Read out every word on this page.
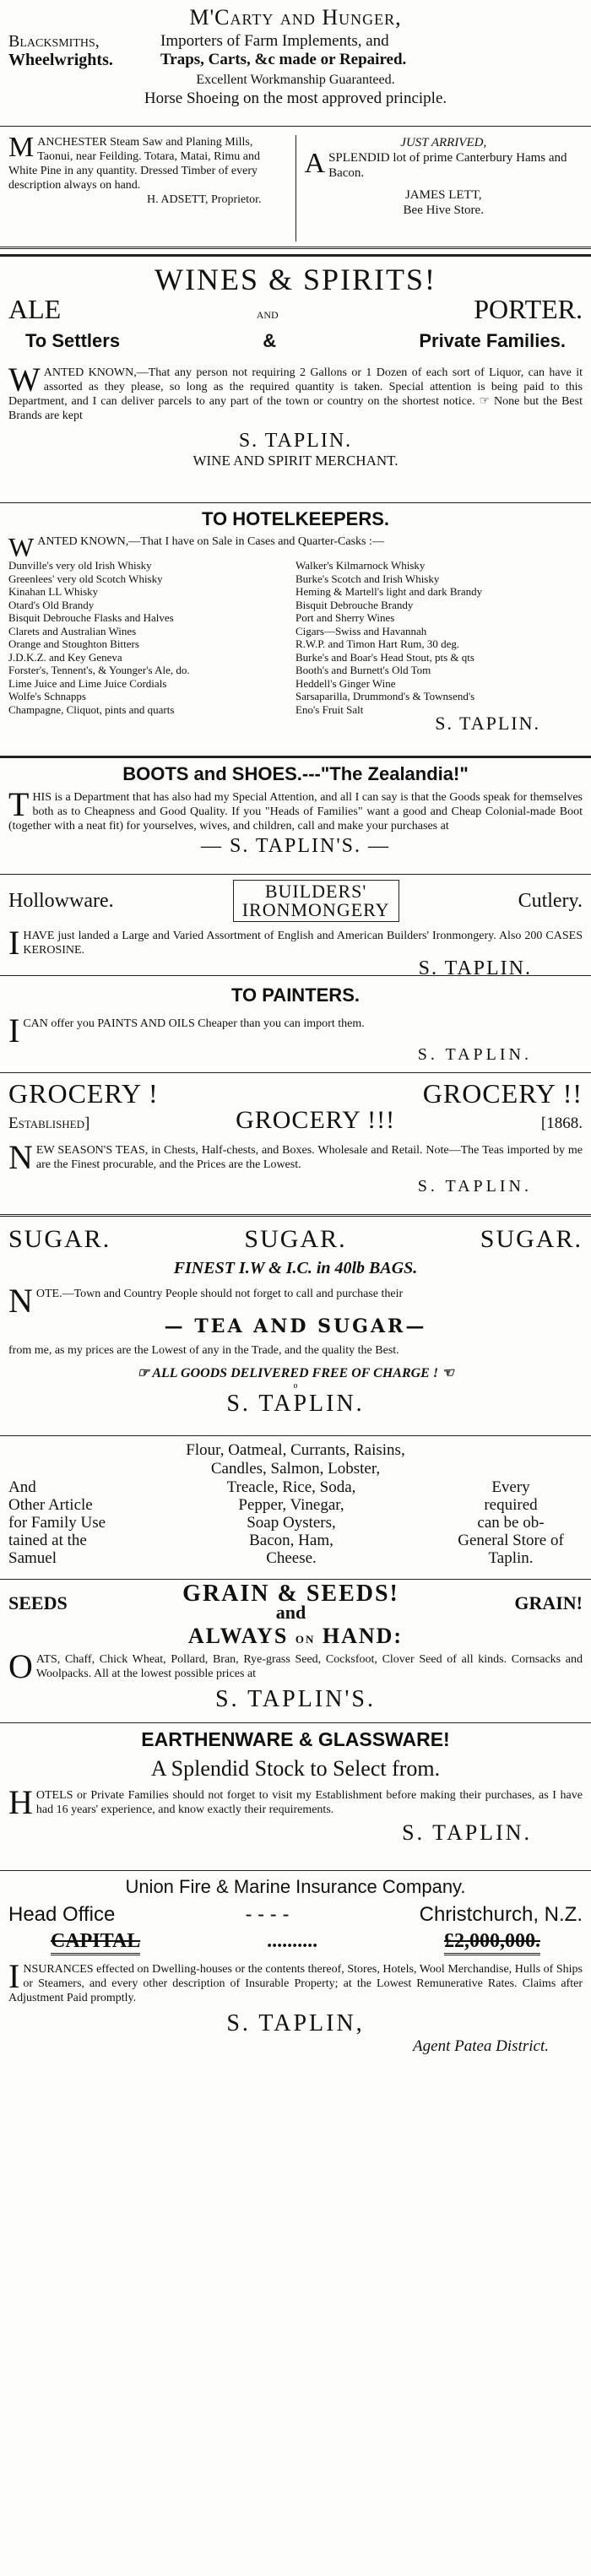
M'Carty and Hunger,
Blacksmiths,
Wheelwrights.
Importers of Farm Implements, and
Traps, Carts, &c made or Repaired.
Excellent Workmanship Guaranteed.
Horse Shoeing on the most approved principle.
M ANCHESTER Steam Saw and Planing Mills, Taonui, near Feilding. Totara, Matai, Rimu and White Pine in any quantity. Dressed Timber of every description always on hand.
H. ADSETT, Proprietor.
JUST ARRIVED,
A SPLENDID lot of prime Canterbury Hams and Bacon.
JAMES LETT,
Bee Hive Store.
WINES & SPIRITS!
ALE	AND	PORTER.
To Settlers	&	Private Families.
W ANTED KNOWN,—That any person not requiring 2 Gallons or 1 Dozen of each sort of Liquor, can have it assorted as they please, so long as the required quantity is taken. Special attention is being paid to this Department, and I can deliver parcels to any part of the town or country on the shortest notice. ☞ None but the Best Brands are kept
S. TAPLIN.
WINE AND SPIRIT MERCHANT.
TO HOTELKEEPERS.
W ANTED KNOWN,—That I have on Sale in Cases and Quarter-Casks :—
Dunville's very old Irish Whisky
Greenlees' very old Scotch Whisky
Kinahan LL Whisky
Otard's Old Brandy
Bisquit Debrouche Flasks and Halves
Clarets and Australian Wines
Orange and Stoughton Bitters
J.D.K.Z. and Key Geneva
Forster's, Tennent's, & Younger's Ale, do.
Lime Juice and Lime Juice Cordials
Wolfe's Schnapps
Champagne, Cliquot, pints and quarts
Walker's Kilmarnock Whisky
Burke's Scotch and Irish Whisky
Heming & Martell's light and dark Brandy
Bisquit Debrouche Brandy
Port and Sherry Wines
Cigars—Swiss and Havannah
R.W.P. and Timon Hart Rum, 30 deg.
Burke's and Boar's Head Stout, pts & qts
Booth's and Burnett's Old Tom
Heddell's Ginger Wine
Sarsaparilla, Drummond's & Townsend's
Eno's Fruit Salt
S. TAPLIN.
BOOTS and SHOES.---"The Zealandia!"
T HIS is a Department that has also had my Special Attention, and all I can say is that the Goods speak for themselves both as to Cheapness and Good Quality. If you "Heads of Families" want a good and Cheap Colonial-made Boot (together with a neat fit) for yourselves, wives, and children, call and make your purchases at
— S. TAPLIN'S. —
Hollowware.	BUILDERS'
IRONMONGERY	Cutlery.
I HAVE just landed a Large and Varied Assortment of English and American Builders' Ironmongery. Also 200 CASES KEROSINE.
S. TAPLIN.
TO PAINTERS.
I CAN offer you PAINTS AND OILS Cheaper than you can import them.
S. TAPLIN.
GROCERY !	GROCERY !!
Established]	GROCERY !!!	[1868.
N EW SEASON'S TEAS, in Chests, Half-chests, and Boxes. Wholesale and Retail. Note—The Teas imported by me are the Finest procurable, and the Prices are the Lowest.
S. TAPLIN.
SUGAR.	SUGAR.	SUGAR.
FINEST I.W & I.C. in 40lb BAGS.
N OTE.—Town and Country People should not forget to call and purchase their
— TEA AND SUGAR—
from me, as my prices are the Lowest of any in the Trade, and the quality the Best.
☞ ALL GOODS DELIVERED FREE OF CHARGE ! ☜
o
S. TAPLIN.
Flour, Oatmeal, Currants, Raisins,
Candles, Salmon, Lobster,
And
Other Article
for Family Use
tained at the
Samuel
Treacle, Rice, Soda,
Pepper, Vinegar,
Soap Oysters,
Bacon, Ham,
Cheese.
Every
required
can be ob-
General Store of
Taplin.
SEEDS	GRAIN & SEEDS!
and	GRAIN!
ALWAYS ON HAND:
O ATS, Chaff, Chick Wheat, Pollard, Bran, Rye-grass Seed, Cocksfoot, Clover Seed of all kinds. Cornsacks and Woolpacks. All at the lowest possible prices at
S. TAPLIN'S.
EARTHENWARE & GLASSWARE!
A Splendid Stock to Select from.
H OTELS or Private Families should not forget to visit my Establishment before making their purchases, as I have had 16 years' experience, and know exactly their requirements.
S. TAPLIN.
Union Fire & Marine Insurance Company.
Head Office	- - - -	Christchurch, N.Z.
CAPITAL	..........	£2,000,000.
I NSURANCES effected on Dwelling-houses or the contents thereof, Stores, Hotels, Wool Merchandise, Hulls of Ships or Steamers, and every other description of Insurable Property; at the Lowest Remunerative Rates. Claims after Adjustment Paid promptly.
S. TAPLIN,
Agent Patea District.
